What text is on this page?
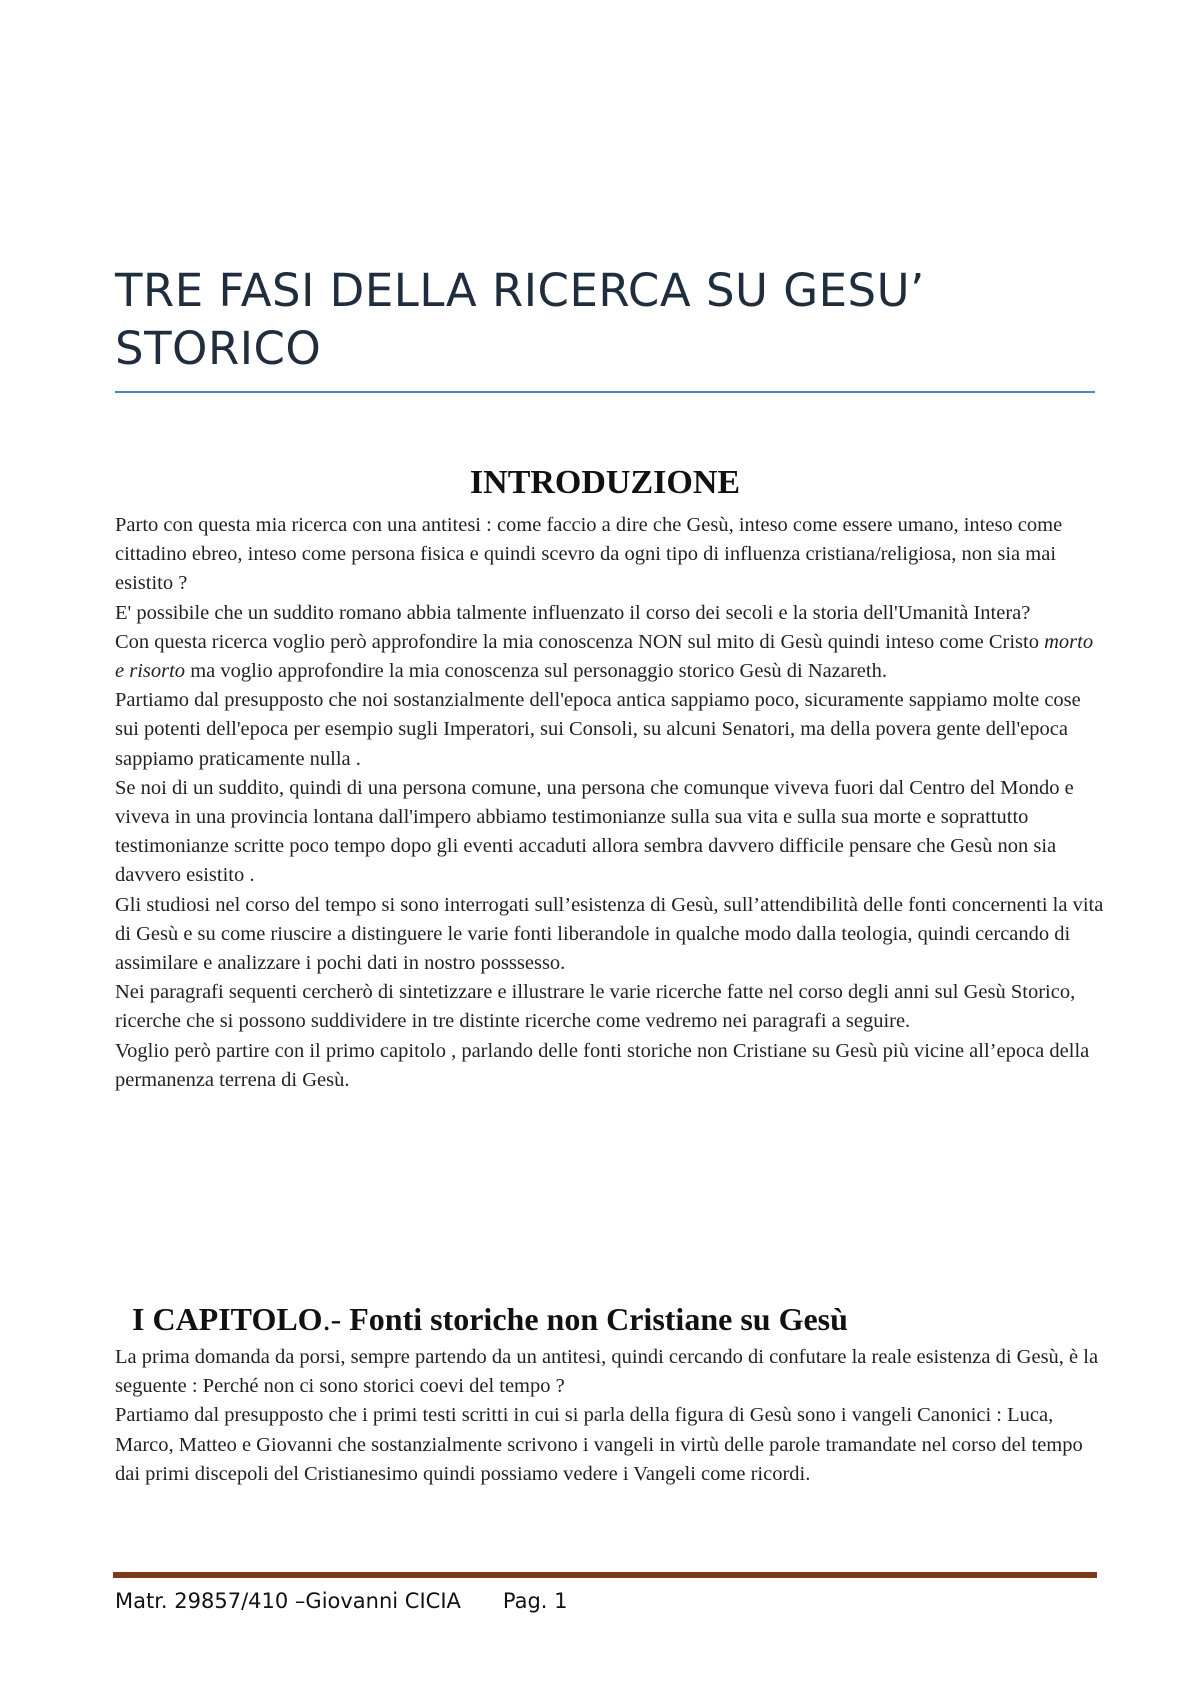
TRE FASI DELLA RICERCA SU GESU’ STORICO
INTRODUZIONE

Parto con questa mia ricerca con una antitesi : come faccio a dire che Gesù, inteso come essere umano, inteso come cittadino ebreo, inteso come persona fisica e quindi scevro da ogni tipo di influenza cristiana/religiosa, non sia mai esistito ?

E' possibile che un suddito romano abbia talmente influenzato il corso dei secoli e la storia dell'Umanità Intera?

Con questa ricerca voglio però approfondire la mia conoscenza NON sul mito di Gesù quindi inteso come Cristo morto e risorto ma voglio approfondire la mia conoscenza sul personaggio storico Gesù di Nazareth.

Partiamo dal presupposto che noi sostanzialmente dell'epoca antica sappiamo poco, sicuramente sappiamo molte cose sui potenti dell'epoca per esempio sugli Imperatori, sui Consoli, su alcuni Senatori, ma della povera gente dell'epoca sappiamo praticamente nulla .

Se noi di un suddito, quindi di una persona comune, una persona che comunque viveva fuori dal Centro del Mondo e viveva in una provincia lontana dall'impero abbiamo testimonianze sulla sua vita e sulla sua morte e soprattutto testimonianze scritte poco tempo dopo gli eventi accaduti allora sembra davvero difficile pensare che Gesù non sia davvero esistito .

Gli studiosi nel corso del tempo si sono interrogati sull’esistenza di Gesù, sull’attendibilità delle fonti concernenti la vita di Gesù e su come riuscire a distinguere le varie fonti liberandole in qualche modo dalla teologia, quindi cercando di assimilare e analizzare i pochi dati in nostro posssesso.

Nei paragrafi sequenti cercherò di sintetizzare e illustrare le varie ricerche fatte nel corso degli anni sul Gesù Storico, ricerche che si possono suddividere in tre distinte ricerche come vedremo nei paragrafi a seguire.

Voglio però partire con il primo capitolo , parlando delle fonti storiche non Cristiane su Gesù più vicine all’epoca della permanenza terrena di Gesù.

I CAPITOLO.- Fonti storiche non Cristiane su Gesù

La prima domanda da porsi, sempre partendo da un antitesi, quindi cercando di confutare la reale esistenza di Gesù, è la seguente : Perché non ci sono storici coevi del tempo ?

Partiamo dal presupposto che i primi testi scritti in cui si parla della figura di Gesù sono i vangeli Canonici : Luca, Marco, Matteo e Giovanni che sostanzialmente scrivono i vangeli in virtù delle parole tramandate nel corso del tempo dai primi discepoli del Cristianesimo quindi possiamo vedere i Vangeli come ricordi.

Matr. 29857/410 –Giovanni CICIA Pag. 1
